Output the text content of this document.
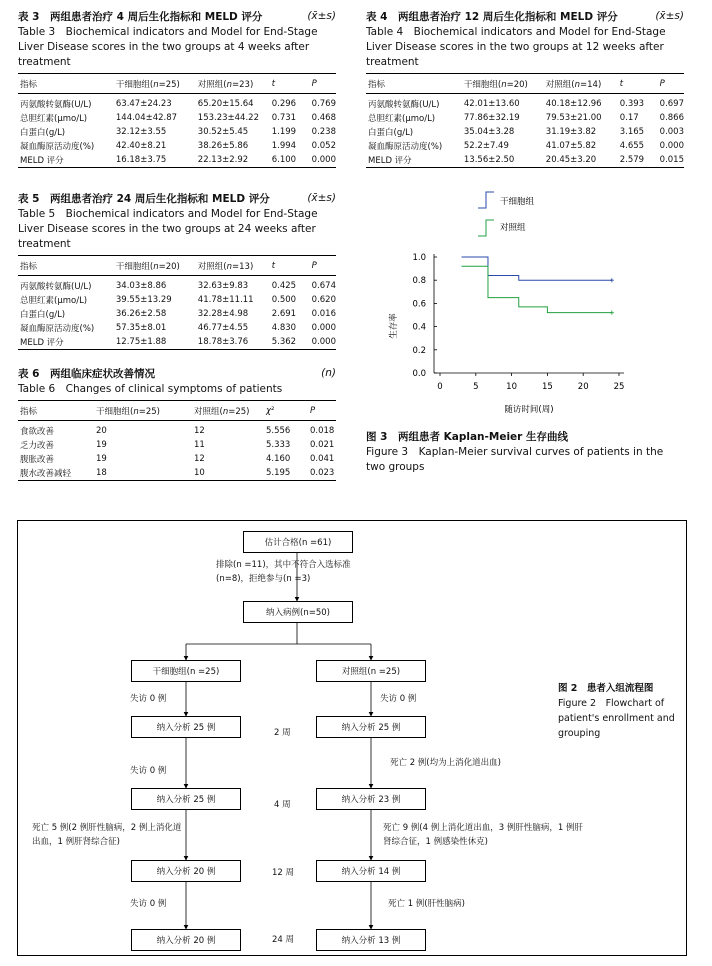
表 3　 两组患者治疗 4 周后生化指标和 MELD 评分	(x̄±s)
Table 3　 Biochemical indicators and Model for End-Stage Liver Disease scores in the two groups at 4 weeks after treatment
指标	干细胞组(n=25)	对照组(n=23)	t	P
丙氨酸转氨酶(U/L)	63.47±24.23	65.20±15.64	0.296	0.769
总胆红素(μmo/L)	144.04±42.87	153.23±44.22	0.731	0.468
白蛋白(g/L)	32.12±3.55	30.52±5.45	1.199	0.238
凝血酶原活动度(%)	42.40±8.21	38.26±5.86	1.994	0.052
MELD 评分	16.18±3.75	22.13±2.92	6.100	0.000
表 4　 两组患者治疗 12 周后生化指标和 MELD 评分	(x̄±s)
Table 4　 Biochemical indicators and Model for End-Stage Liver Disease scores in the two groups at 12 weeks after treatment
指标	干细胞组(n=20)	对照组(n=14)	t	P
丙氨酸转氨酶(U/L)	42.01±13.60	40.18±12.96	0.393	0.697
总胆红素(μmo/L)	77.86±32.19	79.53±21.00	0.17	0.866
白蛋白(g/L)	35.04±3.28	31.19±3.82	3.165	0.003
凝血酶原活动度(%)	52.2±7.49	41.07±5.82	4.655	0.000
MELD 评分	13.56±2.50	20.45±3.20	2.579	0.015
表 5　 两组患者治疗 24 周后生化指标和 MELD 评分	(x̄±s)
Table 5　 Biochemical indicators and Model for End-Stage Liver Disease scores in the two groups at 24 weeks after treatment
指标	干细胞组(n=20)	对照组(n=13)	t	P
丙氨酸转氨酶(U/L)	34.03±8.86	32.63±9.83	0.425	0.674
总胆红素(μmo/L)	39.55±13.29	41.78±11.11	0.500	0.620
白蛋白(g/L)	36.26±2.58	32.28±4.98	2.691	0.016
凝血酶原活动度(%)	57.35±8.01	46.77±4.55	4.830	0.000
MELD 评分	12.75±1.88	18.78±3.76	5.362	0.000
表 6　 两组临床症状改善情况	(n)
Table 6　 Changes of clinical symptoms of patients
指标	干细胞组(n=25)	对照组(n=25)	χ²	P
食欲改善	20	12	5.556	0.018
乏力改善	19	11	5.333	0.021
腹胀改善	19	12	4.160	0.041
腹水改善减轻	18	10	5.195	0.023
干细胞组
对照组
0.0
0.2
0.4
0.6
0.8
1.0
0	5	10	15	20	25
生存率
随访时间(周)
图 3　两组患者 Kaplan-Meier 生存曲线
Figure 3　Kaplan-Meier survival curves of patients in the two groups
估计合格(n =61)
排除(n =11)，其中不符合入选标准(n=8)，拒绝参与(n =3)
纳入病例(n=50)
干细胞组(n =25)	对照组(n =25)
失访 0 例	失访 0 例
纳入分析 25 例	纳入分析 25 例
2 周
失访 0 例
死亡 2 例(均为上消化道出血)
纳入分析 25 例	纳入分析 23 例
4 周
死亡 5 例(2 例肝性脑病，2 例上消化道出血，1 例肝肾综合征)
死亡 9 例(4 例上消化道出血，3 例肝性脑病，1 例肝肾综合征，1 例感染性休克)
纳入分析 20 例	纳入分析 14 例
12 周
失访 0 例	死亡 1 例(肝性脑病)
纳入分析 20 例	纳入分析 13 例
24 周
图 2　患者入组流程图
Figure 2　Flowchart of patient's enrollment and grouping
